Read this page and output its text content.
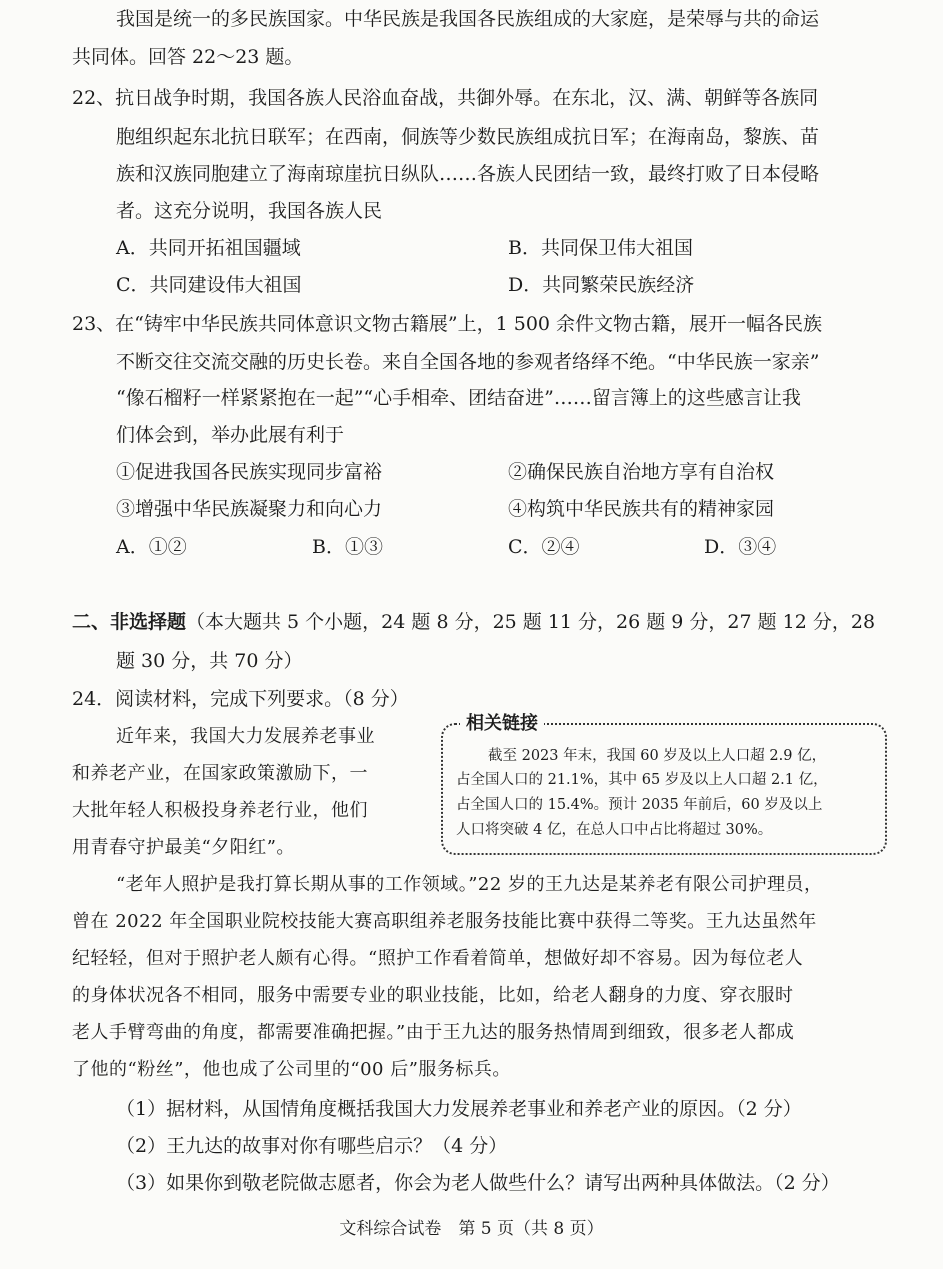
我国是统一的多民族国家。中华民族是我国各民族组成的大家庭，是荣辱与共的命运
共同体。回答 22～23 题。
22、抗日战争时期，我国各族人民浴血奋战，共御外辱。在东北，汉、满、朝鲜等各族同
胞组织起东北抗日联军；在西南，侗族等少数民族组成抗日军；在海南岛，黎族、苗
族和汉族同胞建立了海南琼崖抗日纵队……各族人民团结一致，最终打败了日本侵略
者。这充分说明，我国各族人民
A．共同开拓祖国疆域	B．共同保卫伟大祖国
C．共同建设伟大祖国	D．共同繁荣民族经济
23、在“铸牢中华民族共同体意识文物古籍展”上，1 500 余件文物古籍，展开一幅各民族
不断交往交流交融的历史长卷。来自全国各地的参观者络绎不绝。“中华民族一家亲”
“像石榴籽一样紧紧抱在一起”“心手相牵、团结奋进”……留言簿上的这些感言让我
们体会到，举办此展有利于
①促进我国各民族实现同步富裕	②确保民族自治地方享有自治权
③增强中华民族凝聚力和向心力	④构筑中华民族共有的精神家园
A．①②	B．①③	C．②④	D．③④
二、非选择题（本大题共 5 个小题，24 题 8 分，25 题 11 分，26 题 9 分，27 题 12 分，28
题 30 分，共 70 分）
24．阅读材料，完成下列要求。（8 分）
近年来，我国大力发展养老事业
和养老产业，在国家政策激励下，一
大批年轻人积极投身养老行业，他们
用青春守护最美“夕阳红”。
相关链接
截至 2023 年末，我国 60 岁及以上人口超 2.9 亿，
占全国人口的 21.1%，其中 65 岁及以上人口超 2.1 亿，
占全国人口的 15.4%。预计 2035 年前后，60 岁及以上
人口将突破 4 亿，在总人口中占比将超过 30%。
“老年人照护是我打算长期从事的工作领域。”22 岁的王九达是某养老有限公司护理员，
曾在 2022 年全国职业院校技能大赛高职组养老服务技能比赛中获得二等奖。王九达虽然年
纪轻轻，但对于照护老人颇有心得。“照护工作看着简单，想做好却不容易。因为每位老人
的身体状况各不相同，服务中需要专业的职业技能，比如，给老人翻身的力度、穿衣服时
老人手臂弯曲的角度，都需要准确把握。”由于王九达的服务热情周到细致，很多老人都成
了他的“粉丝”，他也成了公司里的“00 后”服务标兵。
（1）据材料，从国情角度概括我国大力发展养老事业和养老产业的原因。（2 分）
（2）王九达的故事对你有哪些启示？（4 分）
（3）如果你到敬老院做志愿者，你会为老人做些什么？请写出两种具体做法。（2 分）
文科综合试卷　第 5 页（共 8 页）
